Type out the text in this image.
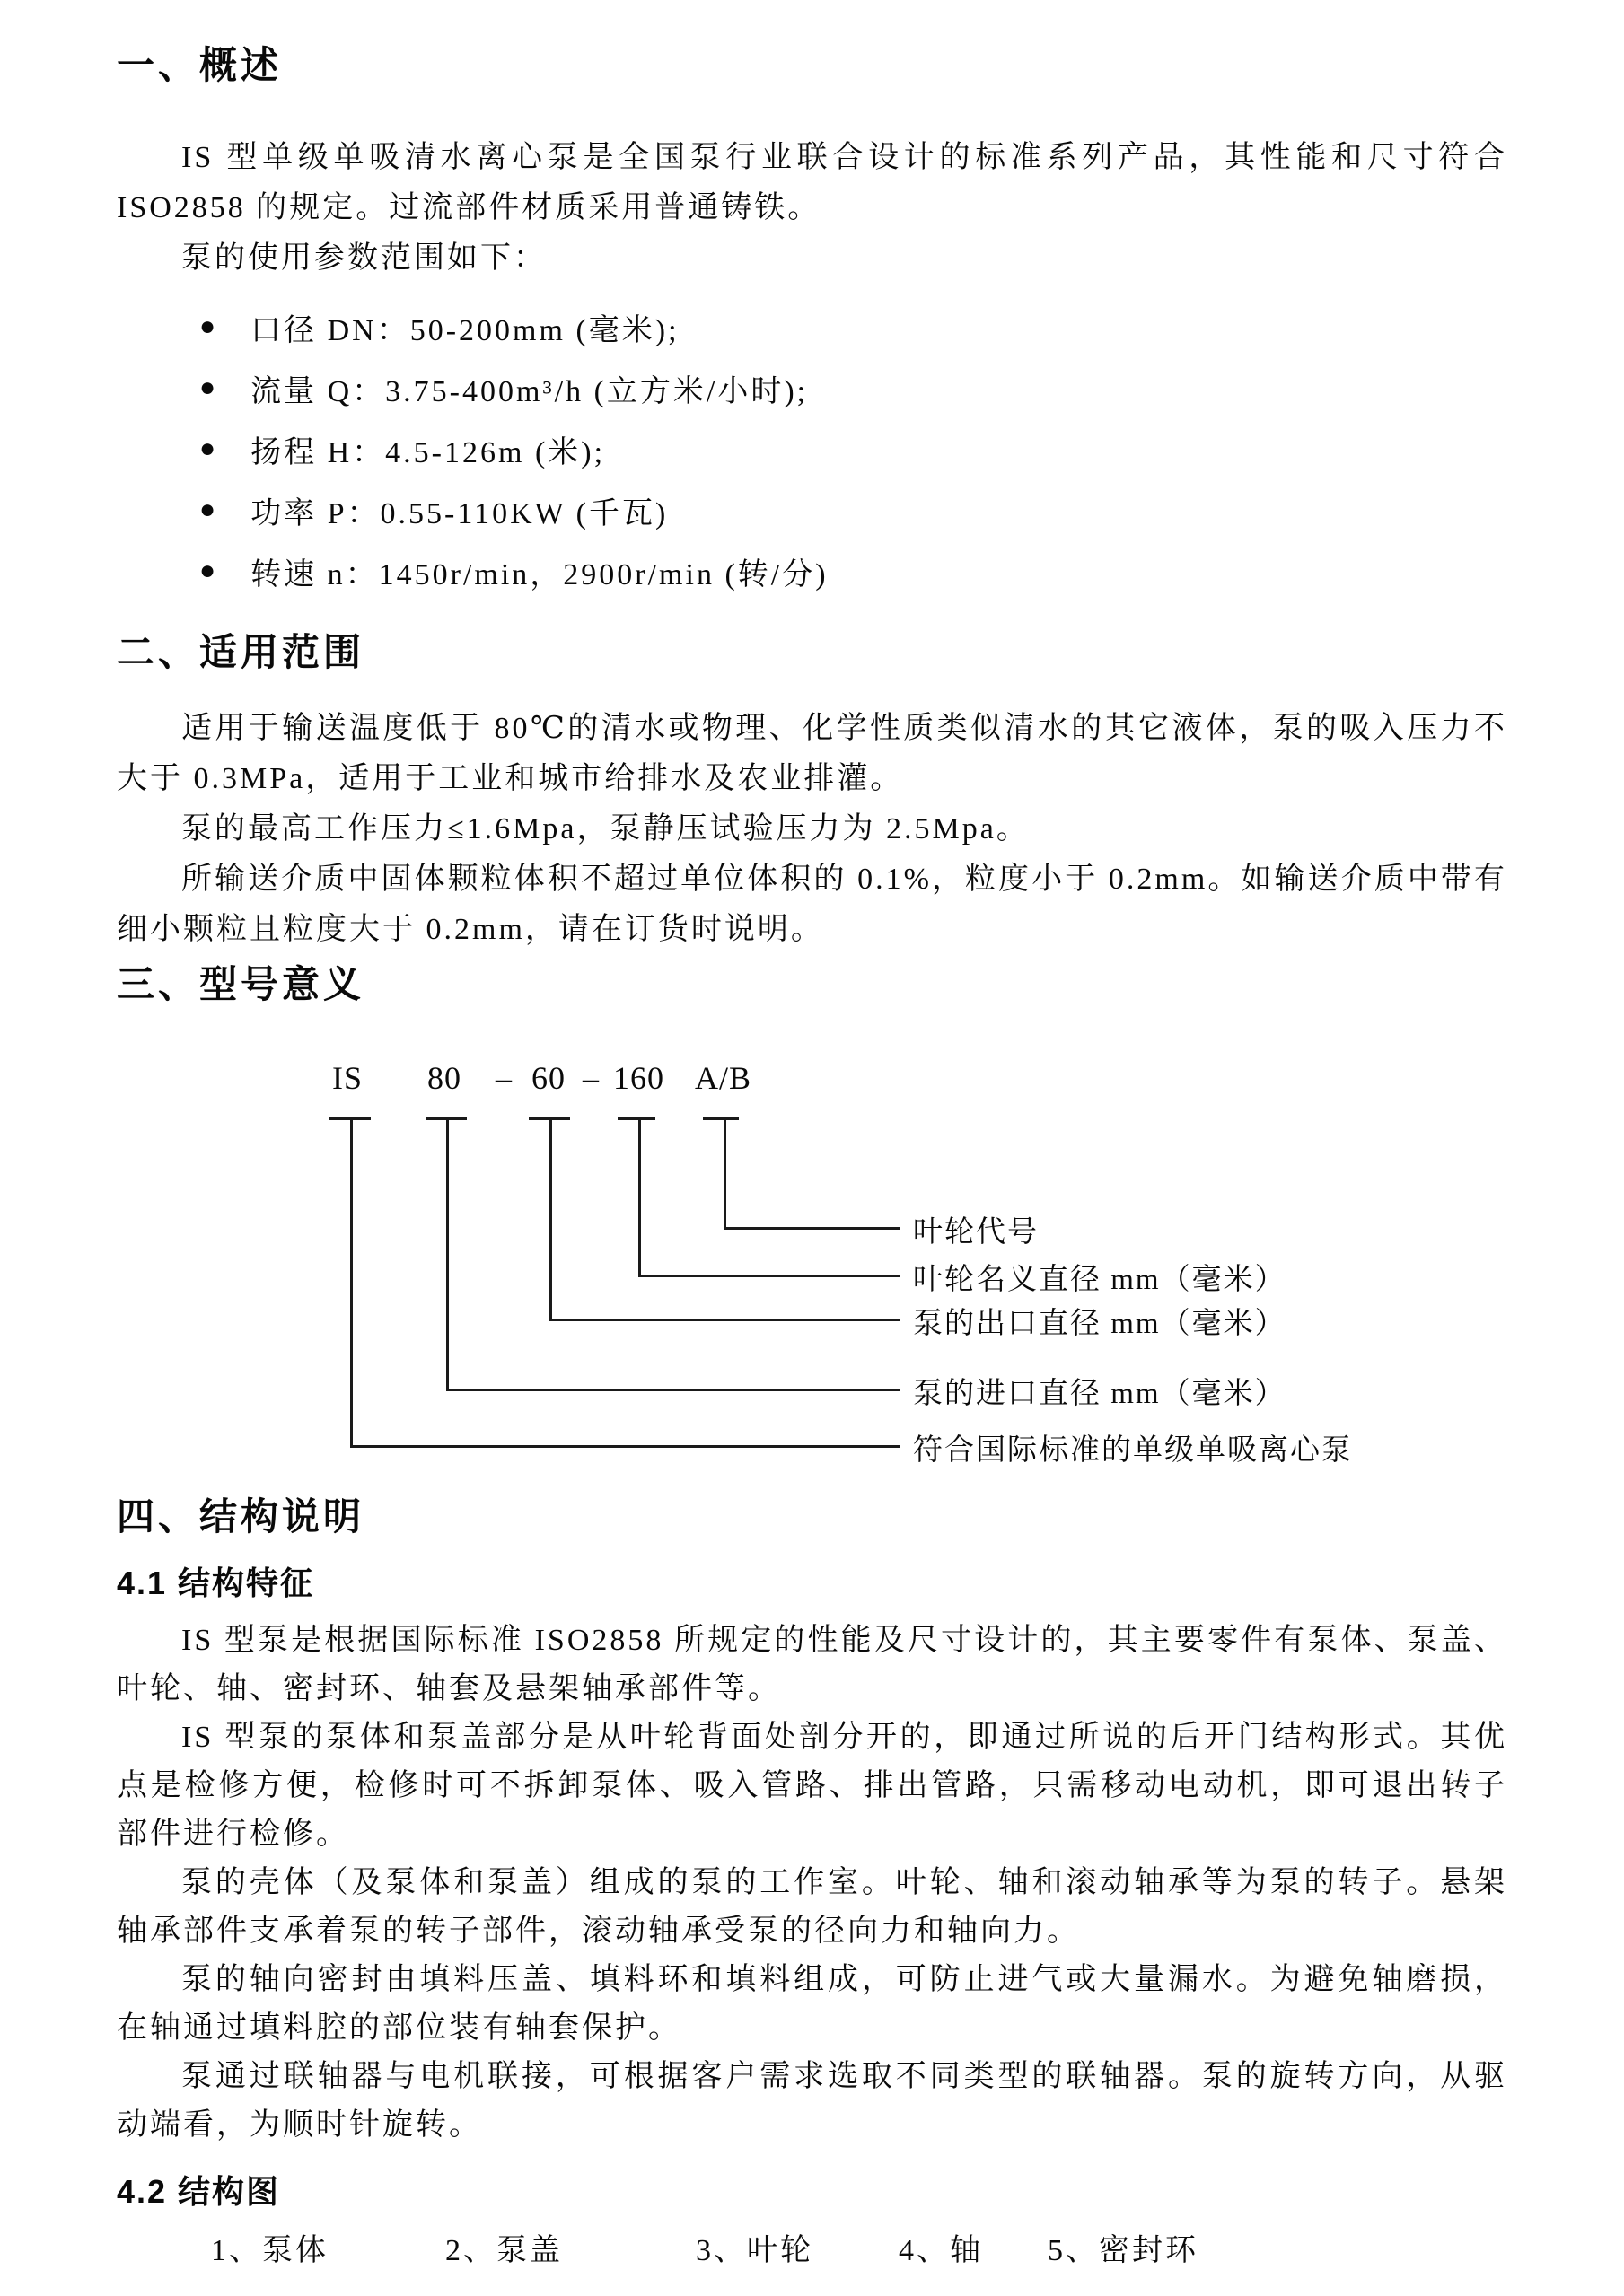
一、概述

IS 型单级单吸清水离心泵是全国泵行业联合设计的标准系列产品，其性能和尺寸符合 ISO2858 的规定。过流部件材质采用普通铸铁。

泵的使用参数范围如下：

● 口径 DN：50-200mm (毫米);
● 流量 Q：3.75-400m³/h (立方米/小时);
● 扬程 H：4.5-126m (米);
● 功率 P：0.55-110KW (千瓦)
● 转速 n：1450r/min，2900r/min (转/分)
二、适用范围

适用于输送温度低于 80℃的清水或物理、化学性质类似清水的其它液体，泵的吸入压力不大于 0.3MPa，适用于工业和城市给排水及农业排灌。

泵的最高工作压力≤1.6Mpa，泵静压试验压力为 2.5Mpa。

所输送介质中固体颗粒体积不超过单位体积的 0.1%，粒度小于 0.2mm。如输送介质中带有细小颗粒且粒度大于 0.2mm，请在订货时说明。

三、型号意义
IS 80 – 60 – 160 A/B
叶轮代号
叶轮名义直径 mm（毫米）
泵的出口直径 mm（毫米）
泵的进口直径 mm（毫米）
符合国际标准的单级单吸离心泵
四、结构说明
4.1 结构特征

IS 型泵是根据国际标准 ISO2858 所规定的性能及尺寸设计的，其主要零件有泵体、泵盖、叶轮、轴、密封环、轴套及悬架轴承部件等。

IS 型泵的泵体和泵盖部分是从叶轮背面处剖分开的，即通过所说的后开门结构形式。其优点是检修方便，检修时可不拆卸泵体、吸入管路、排出管路，只需移动电动机，即可退出转子部件进行检修。

泵的壳体（及泵体和泵盖）组成的泵的工作室。叶轮、轴和滚动轴承等为泵的转子。悬架轴承部件支承着泵的转子部件，滚动轴承受泵的径向力和轴向力。

泵的轴向密封由填料压盖、填料环和填料组成，可防止进气或大量漏水。为避免轴磨损，在轴通过填料腔的部位装有轴套保护。

泵通过联轴器与电机联接，可根据客户需求选取不同类型的联轴器。泵的旋转方向，从驱动端看，为顺时针旋转。

4.2 结构图
1、泵体	2、泵盖	3、叶轮	4、轴 5、密封环
